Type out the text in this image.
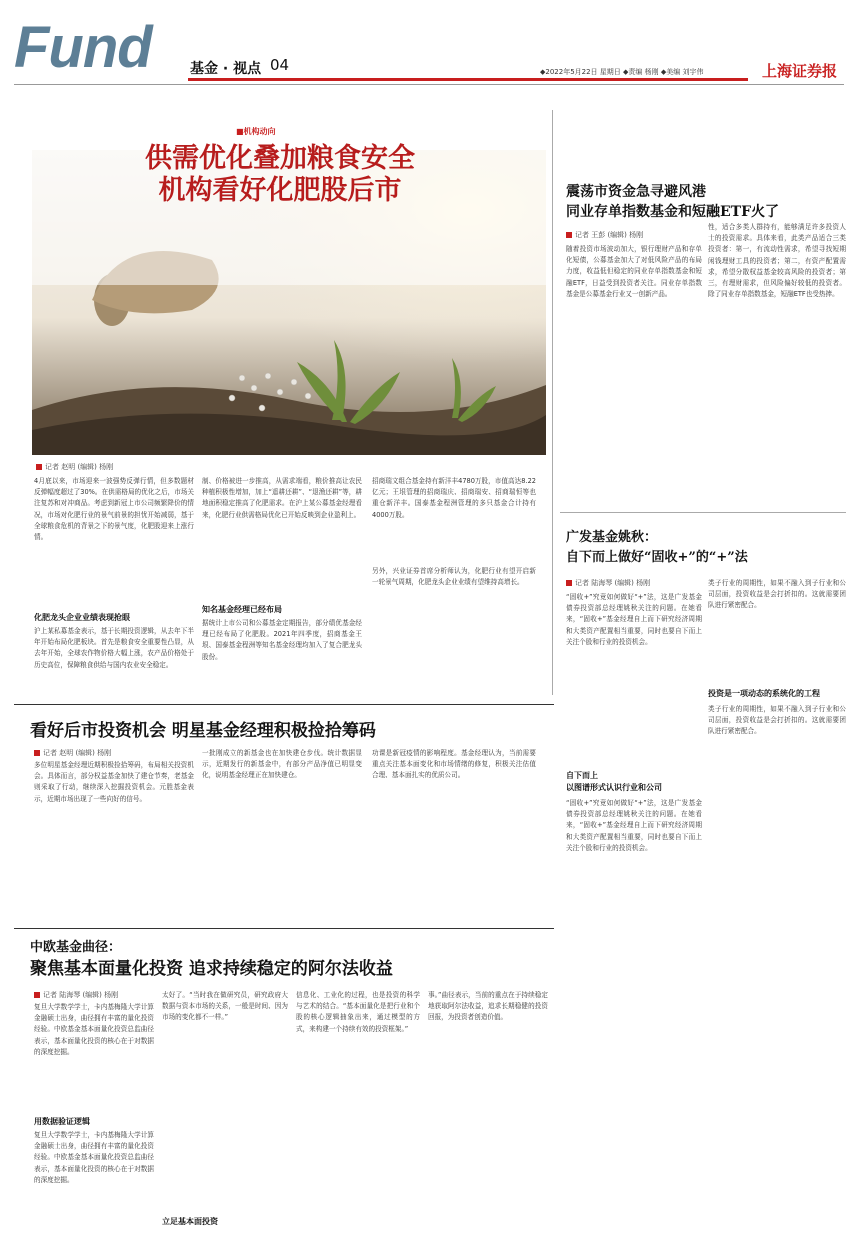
Fund	基金 · 视点 04	◆2022年5月22日 星期日 ◆责编 杨刚 ◆美编 刘宇伟	上海证券报
■机构动向
供需优化叠加粮食安全
机构看好化肥股后市
记者 赵明 (编辑) 杨刚
4月底以来，市场迎来一波强势反弹行情，但多数题材反弹幅度超过了30%。在供需格局的优化之后，市场关注复苏和对冲商品。考虑到新冠上市公司频繁降价的情况，市场对化肥行业的景气前景的担忧开始减弱，基于全球粮食危机的背景之下的景气度，化肥股迎来上涨行情。
化肥龙头企业业绩表现抢眼
沪上某私募基金表示，基于长期投资逻辑，从去年下半年开始布局化肥板块。首先是粮食安全重要性凸显，从去年开始，全球农作物价格大幅上涨，农产品价格处于历史高位，保障粮食供给与国内农业安全稳定。
制、价格被进一步推高，从需求端看，粮价推高让农民种植积极性增加，加上“遥耕还耕”、“退渔还耕”等，耕地面积稳定推高了化肥需求。在沪上某公募基金经理看来，化肥行业供需格局优化已开始反映到企业盈利上。
知名基金经理已经布局
据统计上市公司和公募基金定期报告，部分绩优基金经理已经布局了化肥股。2021年四季度，招商基金王垠、国泰基金程洲等知名基金经理均加入了复合肥龙头股份。
招商瑞文组合基金持有新洋丰4780万股，市值高达8.22亿元；王垠管理的招商瑞庆、招商瑞安、招商瑞恒等也重仓新洋丰。国泰基金程洲管理的多只基金合计持有4000万股。
另外，兴业证券首席分析师认为，化肥行业有望开启新一轮景气周期，化肥龙头企业业绩有望维持高增长。
震荡市资金急寻避风港
同业存单指数基金和短融ETF火了
记者 王彭 (编辑) 杨刚
随着投资市场波动加大，银行理财产品和存单化短债，公募基金加大了对低风险产品的布局力度，收益低但稳定的同业存单指数基金和短融ETF，日益受到投资者关注。同业存单指数基金是公募基金行业又一创新产品。
性，适合多类人群持有，能够满足许多投资人士的投资需求。具体来看，此类产品适合三类投资者：第一，有流动性需求，希望寻找短期闲钱理财工具的投资者；第二，有资产配置需求，希望分散权益基金较高风险的投资者；第三，有理财需求，但风险偏好较低的投资者。除了同业存单指数基金，短融ETF也受热捧。
广发基金姚秋：
自下而上做好“固收+”的“+”法
记者 陆海琴 (编辑) 杨刚
“固收+”究竟如何做好“+”法，这是广发基金债券投资部总经理姚秋关注的问题。在她看来，“固收+”基金经理自上而下研究经济周期和大类资产配置相当重要，同时也要自下而上关注个股和行业的投资机会。
类子行业的周期性，如果不融入到子行业和公司层面，投资收益是会打折扣的。这就需要团队进行紧密配合。
自下而上
以图谱形式认识行业和公司
“固收+”究竟如何做好“+”法，这是广发基金债券投资部总经理姚秋关注的问题。在她看来，“固收+”基金经理自上而下研究经济周期和大类资产配置相当重要，同时也要自下而上关注个股和行业的投资机会。
投资是一项动态的系统化的工程
类子行业的周期性，如果不融入到子行业和公司层面，投资收益是会打折扣的。这就需要团队进行紧密配合。
看好后市投资机会 明星基金经理积极捡拾筹码
记者 赵明 (编辑) 杨刚
多位明星基金经理近期积极捡拾筹码，布局相关投资机会。具体而言，部分权益基金加快了建仓节奏，老基金则采取了行动，继续深入挖掘投资机会。元胜基金表示，近期市场出现了一些向好的信号。
一批刚成立的新基金也在加快建仓步伐。统计数据显示，近期发行的新基金中，有部分产品净值已明显变化，说明基金经理正在加快建仓。
功课是新冠疫情的影响程度。基金经理认为，当前需要重点关注基本面变化和市场情绪的修复，积极关注估值合理、基本面扎实的优质公司。
中欧基金曲径：
聚焦基本面量化投资 追求持续稳定的阿尔法收益
记者 陆海琴 (编辑) 杨刚
复旦大学数学学士，卡内基梅隆大学计算金融硕士出身，曲径拥有丰富的量化投资经验。中欧基金基本面量化投资总监曲径表示，基本面量化投资的核心在于对数据的深度挖掘。
用数据验证逻辑
复旦大学数学学士，卡内基梅隆大学计算金融硕士出身，曲径拥有丰富的量化投资经验。中欧基金基本面量化投资总监曲径表示，基本面量化投资的核心在于对数据的深度挖掘。
太好了。“当时我在做研究员，研究政府大数据与资本市场的关系，一般是时间、因为市场的变化都不一样。”
立足基本面投资
信息化、工业化的过程，也是投资的科学与艺术的结合。“基本面量化是把行业和个股的核心逻辑抽象出来，通过模型的方式，来构建一个持续有效的投资框架。”
事。”曲径表示，当前的重点在于持续稳定地获取阿尔法收益，追求长期稳健的投资回报，为投资者创造价值。
